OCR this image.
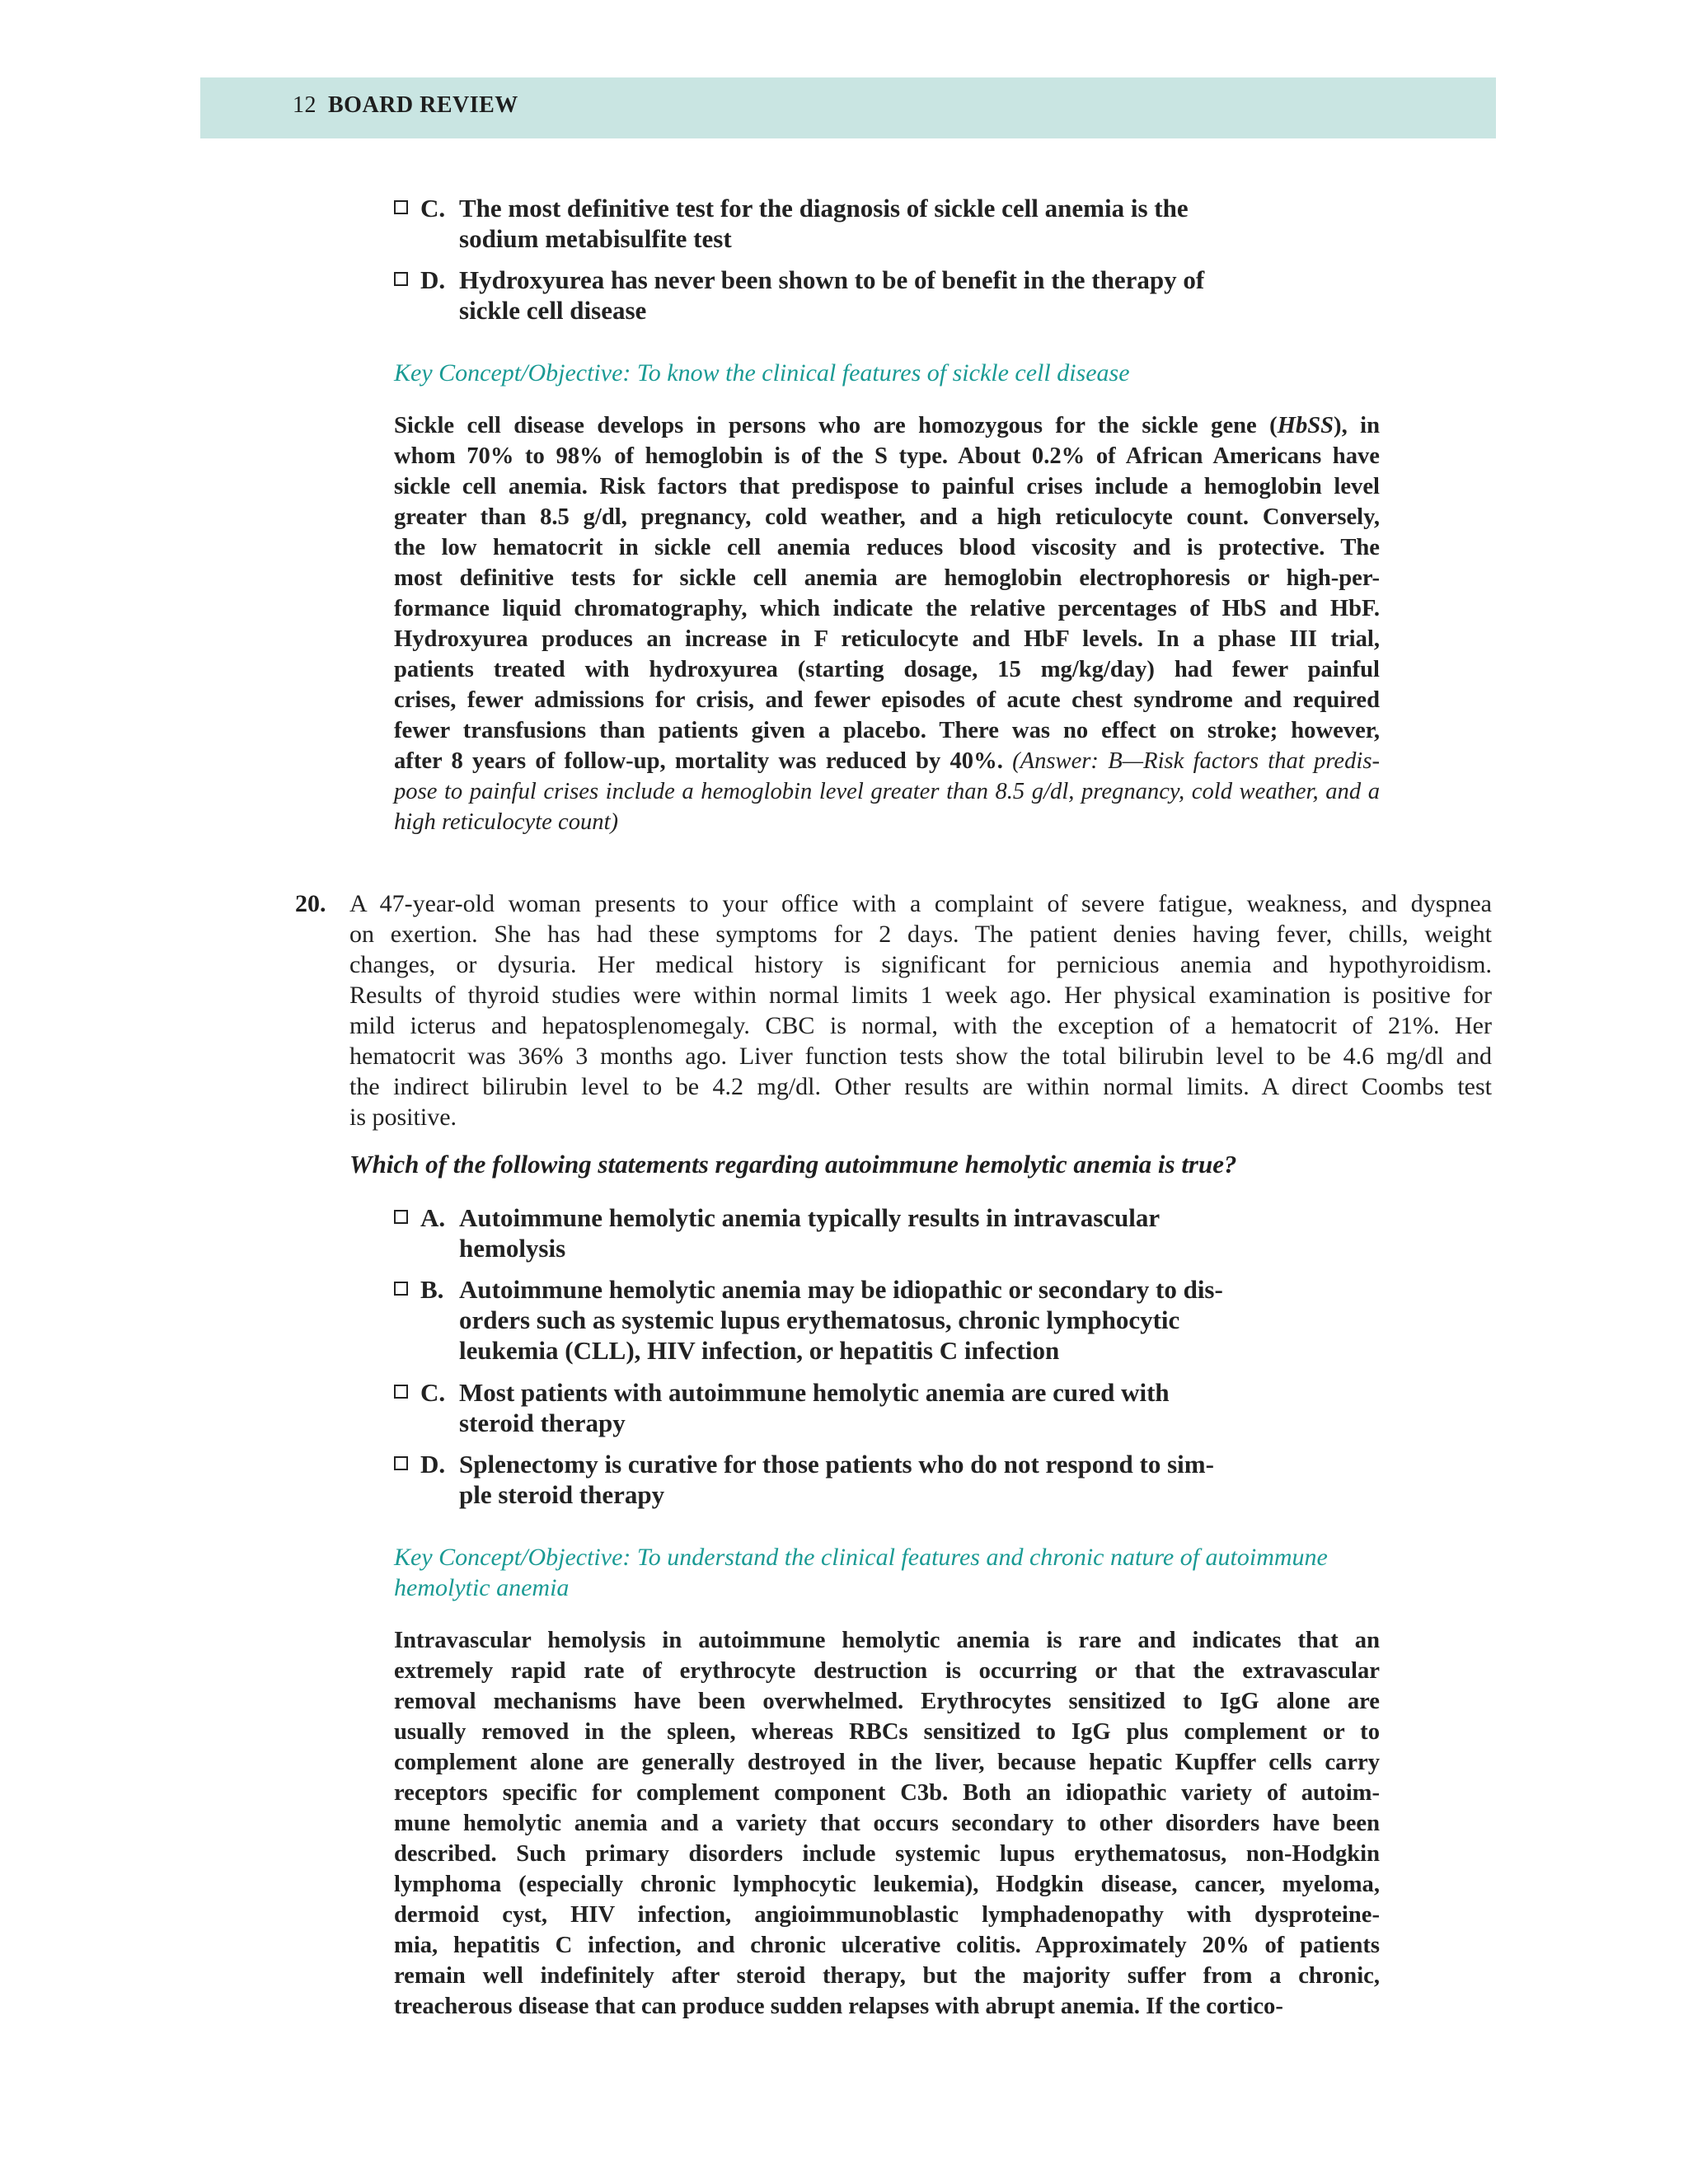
12 BOARD REVIEW
C. The most definitive test for the diagnosis of sickle cell anemia is the
sodium metabisulfite test
D. Hydroxyurea has never been shown to be of benefit in the therapy of
sickle cell disease
Key Concept/Objective: To know the clinical features of sickle cell disease
Sickle cell disease develops in persons who are homozygous for the sickle gene (HbSS), in
whom 70% to 98% of hemoglobin is of the S type. About 0.2% of African Americans have
sickle cell anemia. Risk factors that predispose to painful crises include a hemoglobin level
greater than 8.5 g/dl, pregnancy, cold weather, and a high reticulocyte count. Conversely,
the low hematocrit in sickle cell anemia reduces blood viscosity and is protective. The
most definitive tests for sickle cell anemia are hemoglobin electrophoresis or high-per-
formance liquid chromatography, which indicate the relative percentages of HbS and HbF.
Hydroxyurea produces an increase in F reticulocyte and HbF levels. In a phase III trial,
patients treated with hydroxyurea (starting dosage, 15 mg/kg/day) had fewer painful
crises, fewer admissions for crisis, and fewer episodes of acute chest syndrome and required
fewer transfusions than patients given a placebo. There was no effect on stroke; however,
after 8 years of follow-up, mortality was reduced by 40%. (Answer: B—Risk factors that predis-
pose to painful crises include a hemoglobin level greater than 8.5 g/dl, pregnancy, cold weather, and a
high reticulocyte count)
20. A 47-year-old woman presents to your office with a complaint of severe fatigue, weakness, and dyspnea
on exertion. She has had these symptoms for 2 days. The patient denies having fever, chills, weight
changes, or dysuria. Her medical history is significant for pernicious anemia and hypothyroidism.
Results of thyroid studies were within normal limits 1 week ago. Her physical examination is positive for
mild icterus and hepatosplenomegaly. CBC is normal, with the exception of a hematocrit of 21%. Her
hematocrit was 36% 3 months ago. Liver function tests show the total bilirubin level to be 4.6 mg/dl and
the indirect bilirubin level to be 4.2 mg/dl. Other results are within normal limits. A direct Coombs test
is positive.
Which of the following statements regarding autoimmune hemolytic anemia is true?
A. Autoimmune hemolytic anemia typically results in intravascular
hemolysis
B. Autoimmune hemolytic anemia may be idiopathic or secondary to dis-
orders such as systemic lupus erythematosus, chronic lymphocytic
leukemia (CLL), HIV infection, or hepatitis C infection
C. Most patients with autoimmune hemolytic anemia are cured with
steroid therapy
D. Splenectomy is curative for those patients who do not respond to sim-
ple steroid therapy
Key Concept/Objective: To understand the clinical features and chronic nature of autoimmune
hemolytic anemia
Intravascular hemolysis in autoimmune hemolytic anemia is rare and indicates that an
extremely rapid rate of erythrocyte destruction is occurring or that the extravascular
removal mechanisms have been overwhelmed. Erythrocytes sensitized to IgG alone are
usually removed in the spleen, whereas RBCs sensitized to IgG plus complement or to
complement alone are generally destroyed in the liver, because hepatic Kupffer cells carry
receptors specific for complement component C3b. Both an idiopathic variety of autoim-
mune hemolytic anemia and a variety that occurs secondary to other disorders have been
described. Such primary disorders include systemic lupus erythematosus, non-Hodgkin
lymphoma (especially chronic lymphocytic leukemia), Hodgkin disease, cancer, myeloma,
dermoid cyst, HIV infection, angioimmunoblastic lymphadenopathy with dysproteine-
mia, hepatitis C infection, and chronic ulcerative colitis. Approximately 20% of patients
remain well indefinitely after steroid therapy, but the majority suffer from a chronic,
treacherous disease that can produce sudden relapses with abrupt anemia. If the cortico-
